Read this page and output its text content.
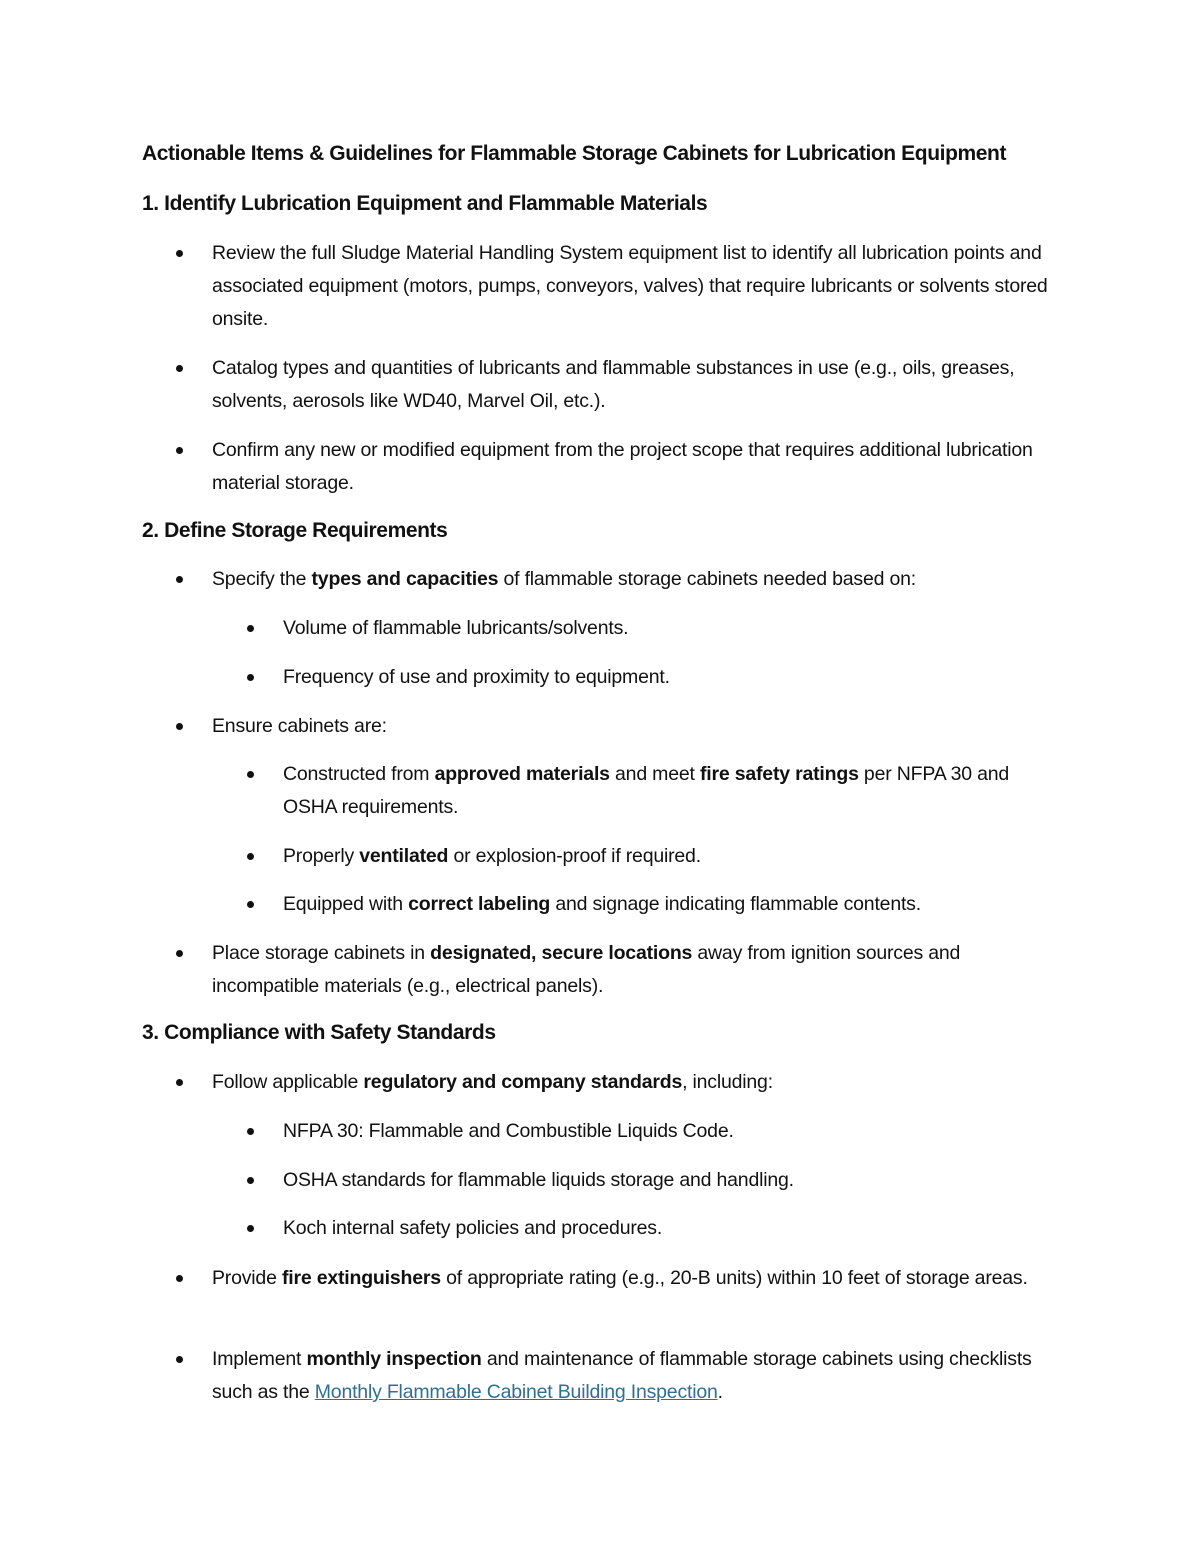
Actionable Items & Guidelines for Flammable Storage Cabinets for Lubrication Equipment

1. Identify Lubrication Equipment and Flammable Materials

Review the full Sludge Material Handling System equipment list to identify all lubrication points and associated equipment (motors, pumps, conveyors, valves) that require lubricants or solvents stored onsite.
Catalog types and quantities of lubricants and flammable substances in use (e.g., oils, greases, solvents, aerosols like WD40, Marvel Oil, etc.).
Confirm any new or modified equipment from the project scope that requires additional lubrication material storage.

2. Define Storage Requirements

Specify the types and capacities of flammable storage cabinets needed based on:
Volume of flammable lubricants/solvents.
Frequency of use and proximity to equipment.
Ensure cabinets are:
Constructed from approved materials and meet fire safety ratings per NFPA 30 and OSHA requirements.
Properly ventilated or explosion-proof if required.
Equipped with correct labeling and signage indicating flammable contents.
Place storage cabinets in designated, secure locations away from ignition sources and incompatible materials (e.g., electrical panels).

3. Compliance with Safety Standards

Follow applicable regulatory and company standards, including:
NFPA 30: Flammable and Combustible Liquids Code.
OSHA standards for flammable liquids storage and handling.
Koch internal safety policies and procedures.
Provide fire extinguishers of appropriate rating (e.g., 20-B units) within 10 feet of storage areas.
Implement monthly inspection and maintenance of flammable storage cabinets using checklists such as the Monthly Flammable Cabinet Building Inspection.
